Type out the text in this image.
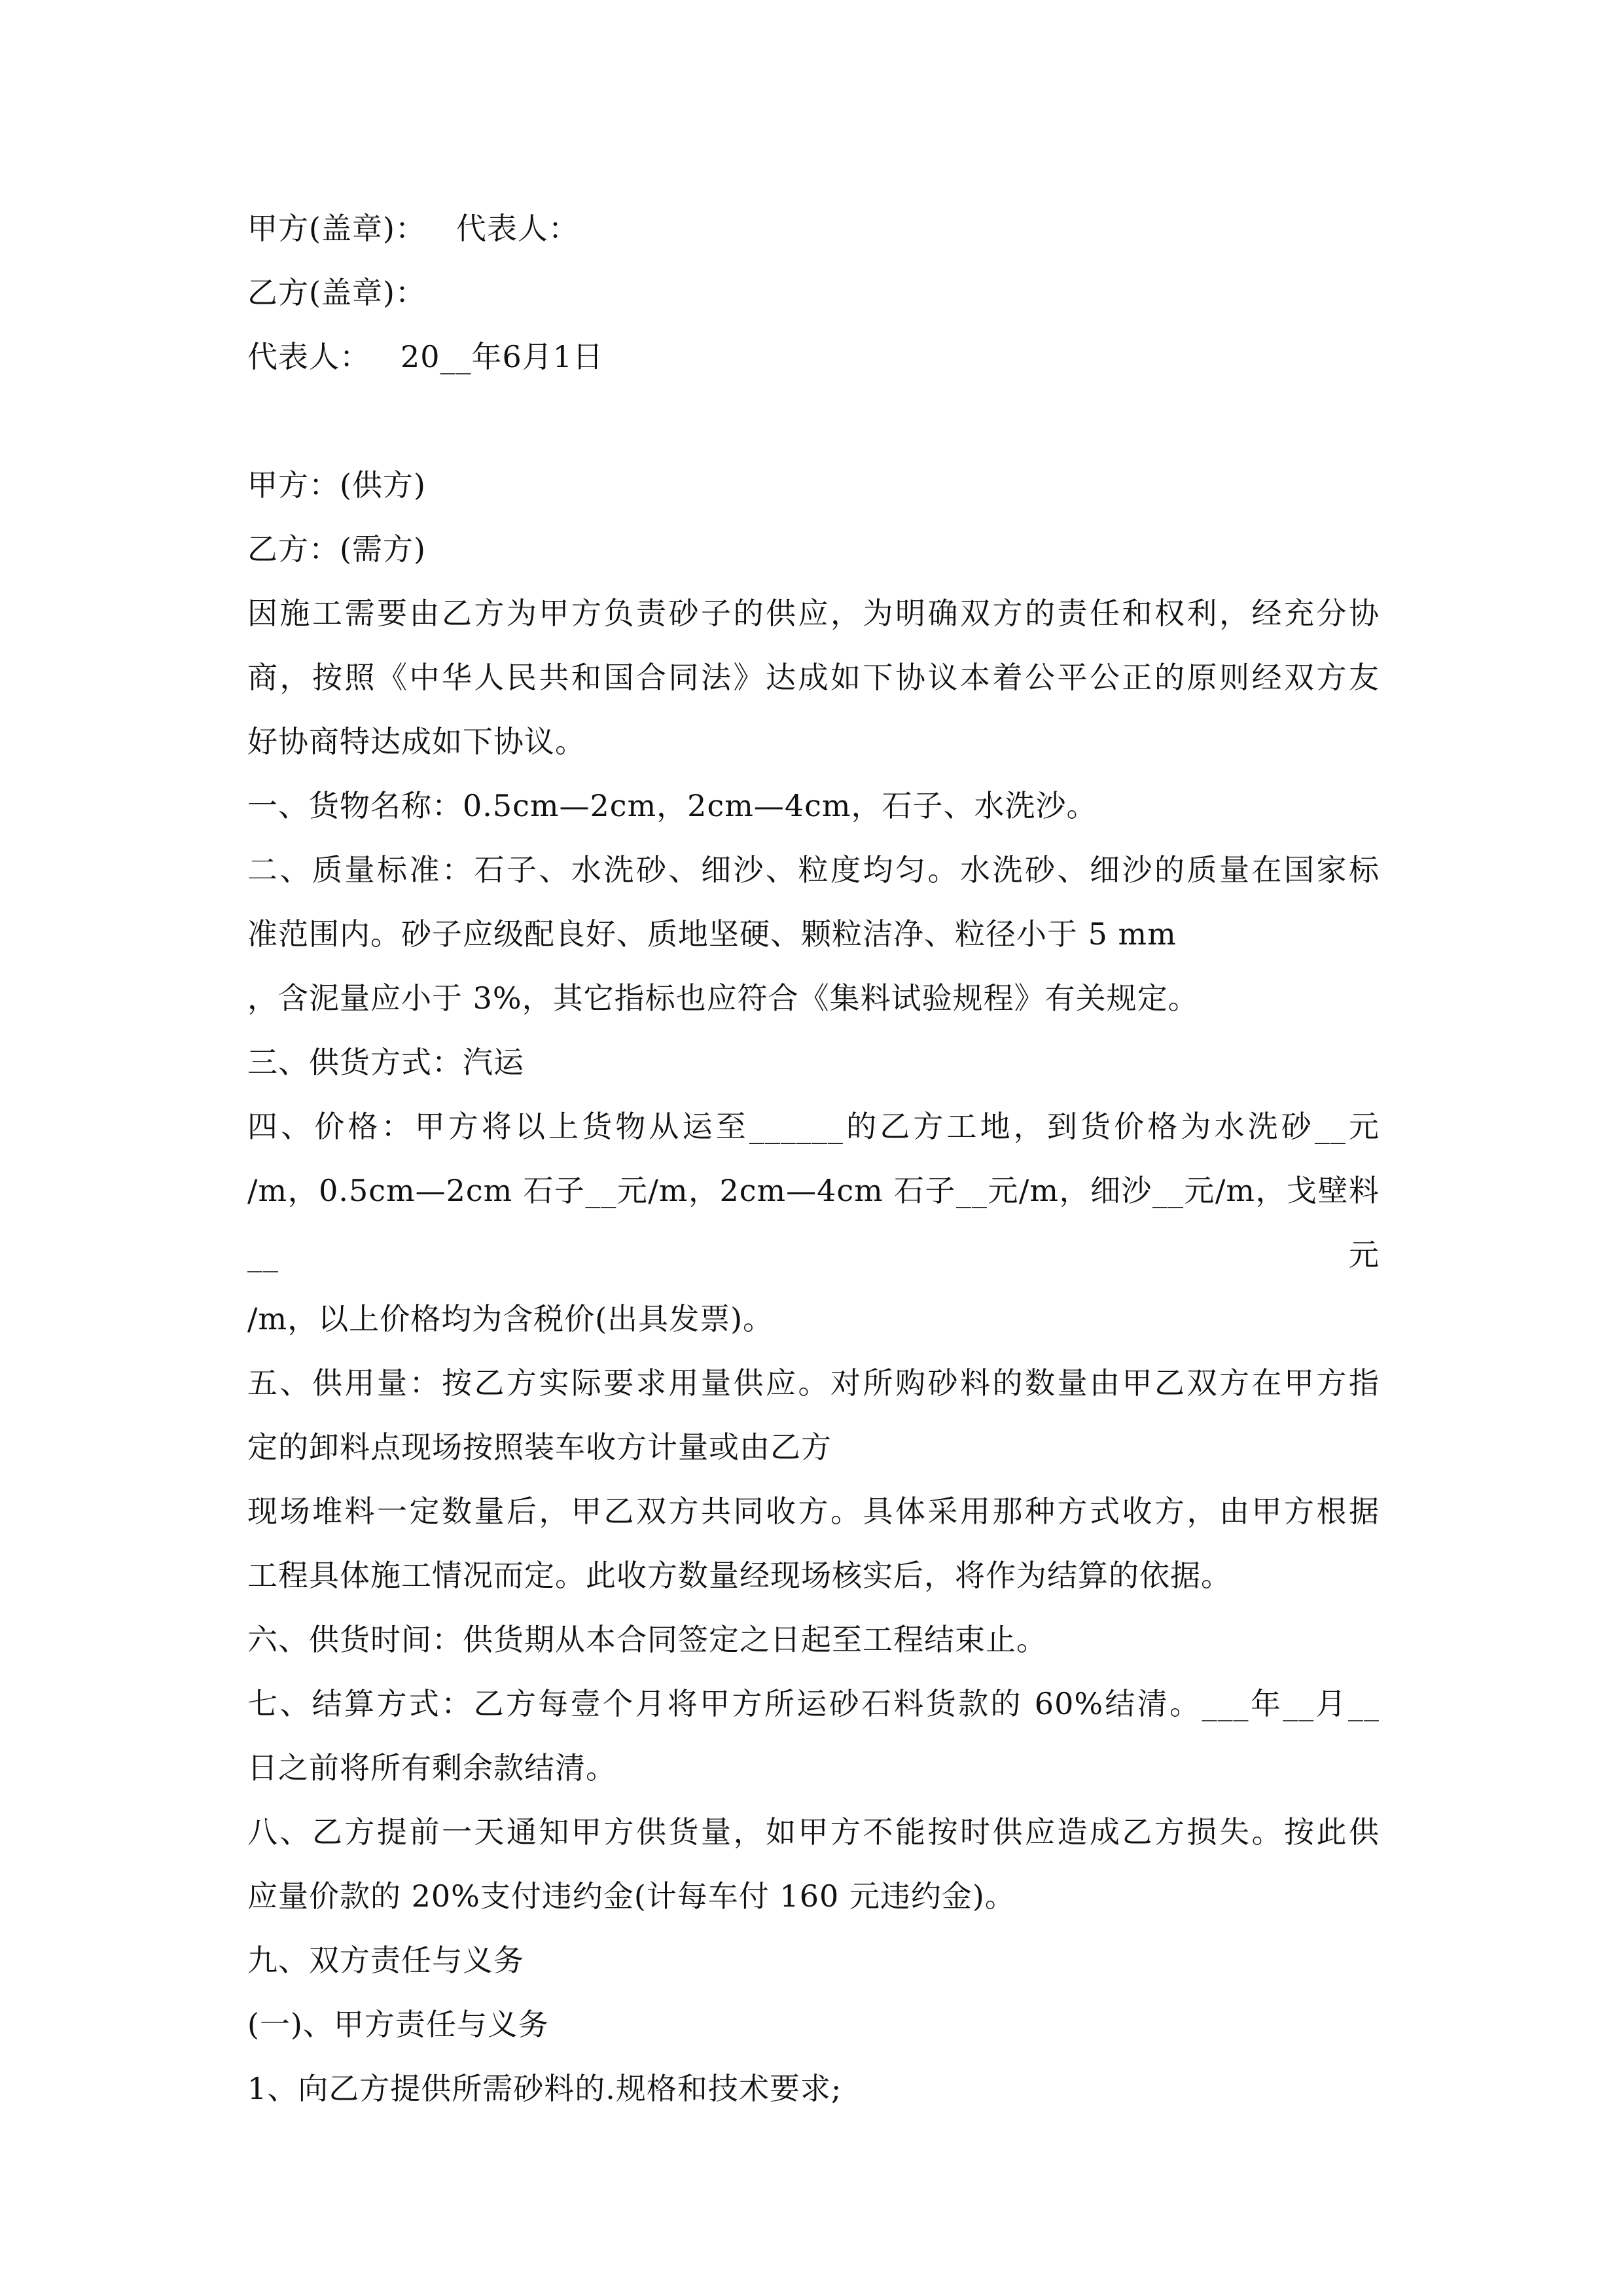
甲方(盖章)： 代表人：

乙方(盖章)：

代表人： 20__年6月1日

甲方：(供方)

乙方：(需方)

因施工需要由乙方为甲方负责砂子的供应，为明确双方的责任和权利，经充分协

商，按照《中华人民共和国合同法》达成如下协议本着公平公正的原则经双方友

好协商特达成如下协议。

一、货物名称：0.5cm—2cm，2cm—4cm，石子、水洗沙。

二、质量标准：石子、水洗砂、细沙、粒度均匀。水洗砂、细沙的质量在国家标

准范围内。砂子应级配良好、质地坚硬、颗粒洁净、粒径小于 5 mm

，含泥量应小于 3%，其它指标也应符合《集料试验规程》有关规定。

三、供货方式：汽运

四、价格：甲方将以上货物从运至______的乙方工地，到货价格为水洗砂__元

/m，0.5cm—2cm 石子__元/m，2cm—4cm 石子__元/m，细沙__元/m，戈壁料__元

/m，以上价格均为含税价(出具发票)。

五、供用量：按乙方实际要求用量供应。对所购砂料的数量由甲乙双方在甲方指

定的卸料点现场按照装车收方计量或由乙方

现场堆料一定数量后，甲乙双方共同收方。具体采用那种方式收方，由甲方根据

工程具体施工情况而定。此收方数量经现场核实后，将作为结算的依据。

六、供货时间：供货期从本合同签定之日起至工程结束止。

七、结算方式：乙方每壹个月将甲方所运砂石料货款的 60%结清。___年__月__

日之前将所有剩余款结清。

八、乙方提前一天通知甲方供货量，如甲方不能按时供应造成乙方损失。按此供

应量价款的 20%支付违约金(计每车付 160 元违约金)。

九、双方责任与义务

(一)、甲方责任与义务

1、向乙方提供所需砂料的.规格和技术要求;
